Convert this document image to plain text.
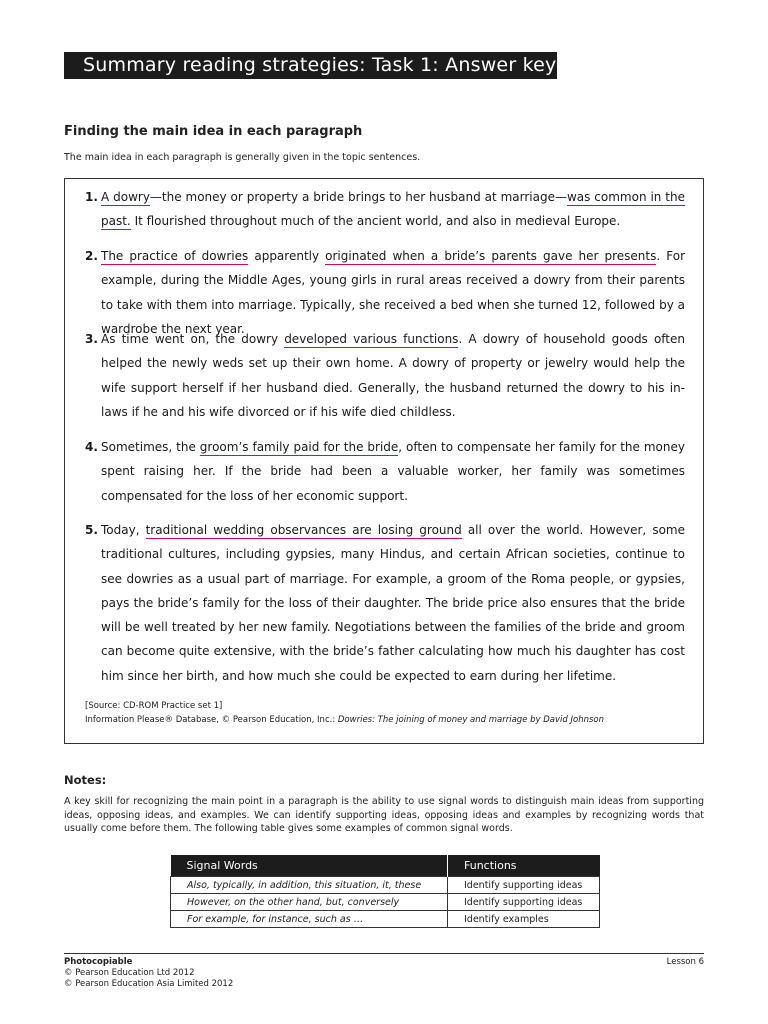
Summary reading strategies: Task 1: Answer key
Finding the main idea in each paragraph
The main idea in each paragraph is generally given in the topic sentences.
1. A dowry—the money or property a bride brings to her husband at marriage—was common in the past. It flourished throughout much of the ancient world, and also in medieval Europe.
2. The practice of dowries apparently originated when a bride’s parents gave her presents. For example, during the Middle Ages, young girls in rural areas received a dowry from their parents to take with them into marriage. Typically, she received a bed when she turned 12, followed by a wardrobe the next year.
3. As time went on, the dowry developed various functions. A dowry of household goods often helped the newly weds set up their own home. A dowry of property or jewelry would help the wife support herself if her husband died. Generally, the husband returned the dowry to his in-laws if he and his wife divorced or if his wife died childless.
4. Sometimes, the groom’s family paid for the bride, often to compensate her family for the money spent raising her. If the bride had been a valuable worker, her family was sometimes compensated for the loss of her economic support.
5. Today, traditional wedding observances are losing ground all over the world. However, some traditional cultures, including gypsies, many Hindus, and certain African societies, continue to see dowries as a usual part of marriage. For example, a groom of the Roma people, or gypsies, pays the bride’s family for the loss of their daughter. The bride price also ensures that the bride will be well treated by her new family. Negotiations between the families of the bride and groom can become quite extensive, with the bride’s father calculating how much his daughter has cost him since her birth, and how much she could be expected to earn during her lifetime.
[Source: CD-ROM Practice set 1]
Information Please® Database, © Pearson Education, Inc.: Dowries: The joining of money and marriage by David Johnson
Notes:
A key skill for recognizing the main point in a paragraph is the ability to use signal words to distinguish main ideas from supporting ideas, opposing ideas, and examples. We can identify supporting ideas, opposing ideas and examples by recognizing words that usually come before them. The following table gives some examples of common signal words.
Signal Words	Functions
Also, typically, in addition, this situation, it, these	Identify supporting ideas
However, on the other hand, but, conversely	Identify supporting ideas
For example, for instance, such as …	Identify examples
Photocopiable
© Pearson Education Ltd 2012
© Pearson Education Asia Limited 2012
Lesson 6
